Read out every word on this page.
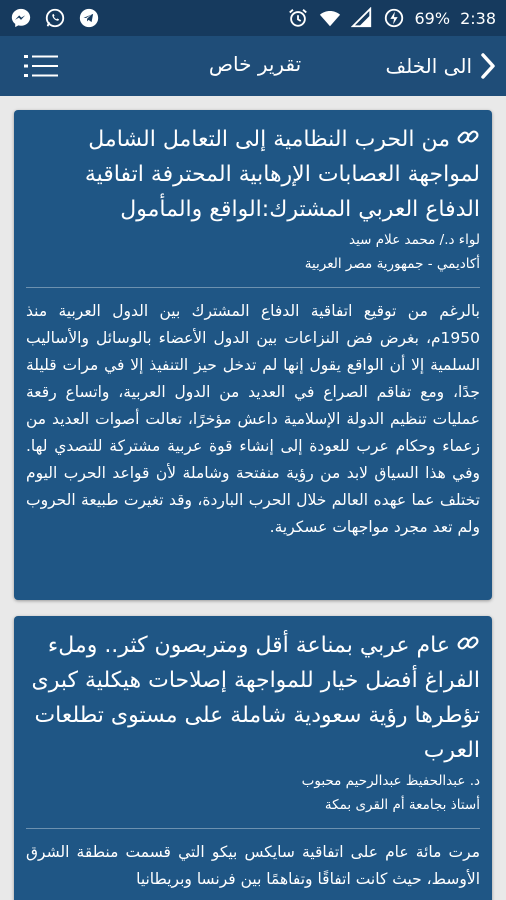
69% 2:38
تقرير خاص	الى الخلف
من الحرب النظامية إلى التعامل الشامل لمواجهة العصابات الإرهابية المحترفة اتفاقية الدفاع العربي المشترك:الواقع والمأمول
لواء د./ محمد علام سيد
أكاديمي - جمهورية مصر العربية
بالرغم من توقيع اتفاقية الدفاع المشترك بين الدول العربية منذ 1950م، بغرض فض النزاعات بين الدول الأعضاء بالوسائل والأساليب السلمية إلا أن الواقع يقول إنها لم تدخل حيز التنفيذ إلا في مرات قليلة جدًا، ومع تفاقم الصراع في العديد من الدول العربية، واتساع رقعة عمليات تنظيم الدولة الإسلامية داعش مؤخرًا، تعالت أصوات العديد من زعماء وحكام عرب للعودة إلى إنشاء قوة عربية مشتركة للتصدي لها. وفي هذا السياق لابد من رؤية منفتحة وشاملة لأن قواعد الحرب اليوم تختلف عما عهده العالم خلال الحرب الباردة، وقد تغيرت طبيعة الحروب ولم تعد مجرد مواجهات عسكرية.
عام عربي بمناعة أقل ومتربصون كثر.. وملء الفراغ أفضل خيار للمواجهة إصلاحات هيكلية كبرى تؤطرها رؤية سعودية شاملة على مستوى تطلعات العرب
د. عبدالحفيظ عبدالرحيم محبوب
أستاذ بجامعة أم القرى بمكة
مرت مائة عام على اتفاقية سايكس بيكو التي قسمت منطقة الشرق الأوسط، حيث كانت اتفاقًا وتفاهمًا بين فرنسا وبريطانيا
